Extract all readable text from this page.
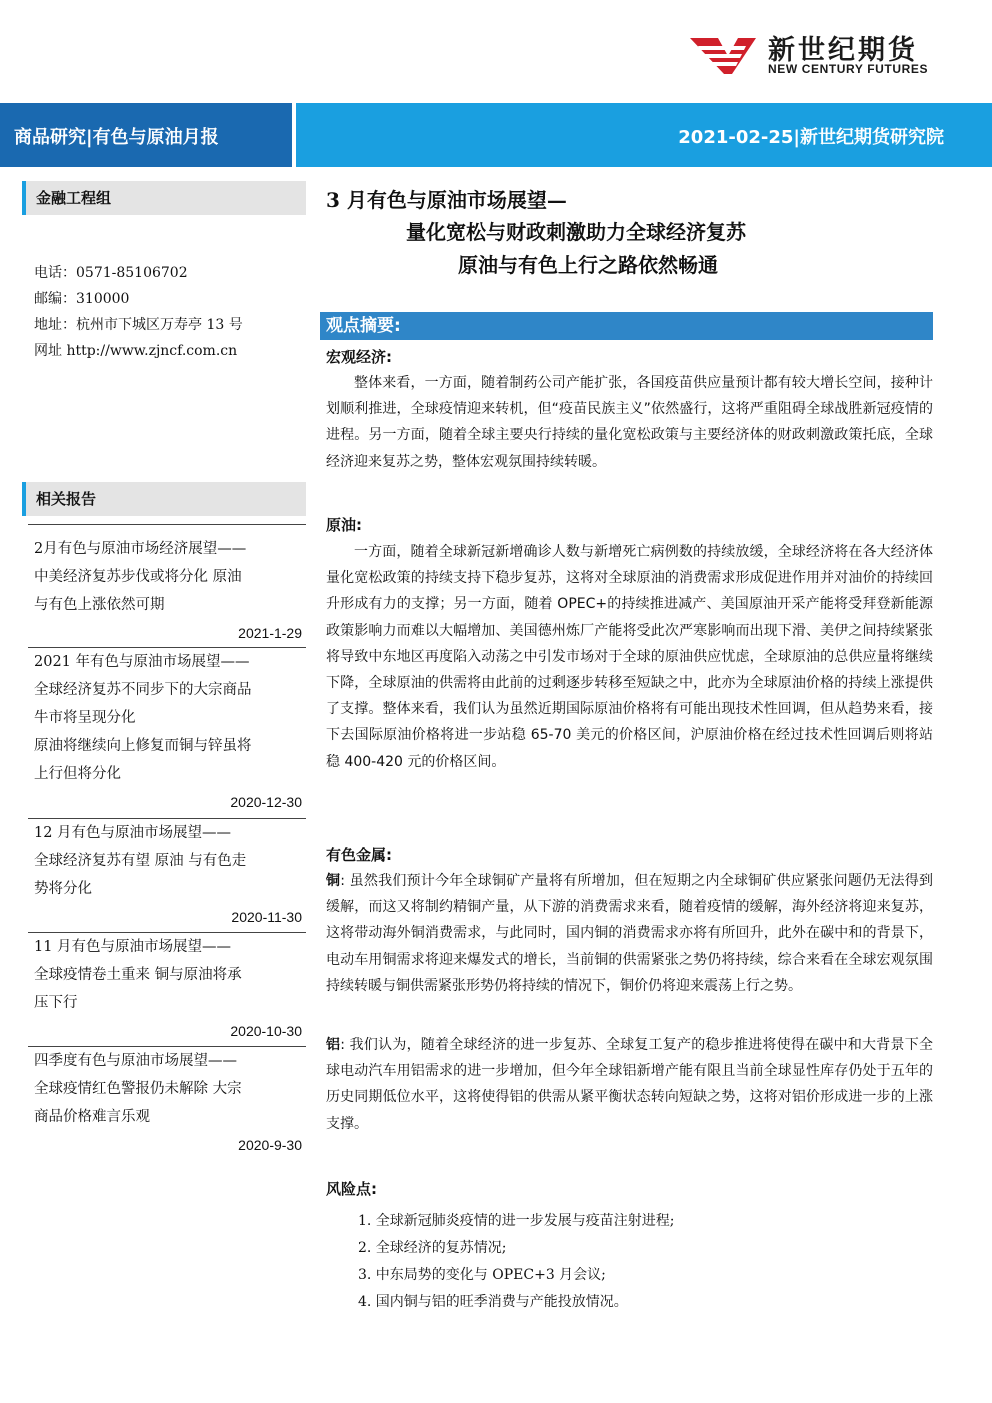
新世纪期货
NEW CENTURY FUTURES
商品研究|有色与原油月报	2021-02-25|新世纪期货研究院
金融工程组
电话：0571-85106702
邮编：310000
地址：杭州市下城区万寿亭 13 号
网址 http://www.zjncf.com.cn
相关报告
2月有色与原油市场经济展望——
中美经济复苏步伐或将分化 原油
与有色上涨依然可期
2021-1-29
2021 年有色与原油市场展望——
全球经济复苏不同步下的大宗商品
牛市将呈现分化
原油将继续向上修复而铜与锌虽将
上行但将分化
2020-12-30
12 月有色与原油市场展望——
全球经济复苏有望 原油 与有色走
势将分化
2020-11-30
11 月有色与原油市场展望——
全球疫情卷土重来 铜与原油将承
压下行
2020-10-30
四季度有色与原油市场展望——
全球疫情红色警报仍未解除 大宗
商品价格难言乐观
2020-9-30
3 月有色与原油市场展望—
量化宽松与财政刺激助力全球经济复苏
原油与有色上行之路依然畅通
观点摘要:
宏观经济:
整体来看，一方面，随着制药公司产能扩张，各国疫苗供应量预计都有较大增长空间，接种计划顺利推进，全球疫情迎来转机，但“疫苗民族主义”依然盛行，这将严重阻碍全球战胜新冠疫情的进程。另一方面，随着全球主要央行持续的量化宽松政策与主要经济体的财政刺激政策托底，全球经济迎来复苏之势，整体宏观氛围持续转暖。
原油:
一方面，随着全球新冠新增确诊人数与新增死亡病例数的持续放缓，全球经济将在各大经济体量化宽松政策的持续支持下稳步复苏，这将对全球原油的消费需求形成促进作用并对油价的持续回升形成有力的支撑；另一方面，随着 OPEC+的持续推进减产、美国原油开采产能将受拜登新能源政策影响力而难以大幅增加、美国德州炼厂产能将受此次严寒影响而出现下滑、美伊之间持续紧张将导致中东地区再度陷入动荡之中引发市场对于全球的原油供应忧虑，全球原油的总供应量将继续下降，全球原油的供需将由此前的过剩逐步转移至短缺之中，此亦为全球原油价格的持续上涨提供了支撑。整体来看，我们认为虽然近期国际原油价格将有可能出现技术性回调，但从趋势来看，接下去国际原油价格将进一步站稳 65-70 美元的价格区间，沪原油价格在经过技术性回调后则将站稳 400-420 元的价格区间。
有色金属:
铜: 虽然我们预计今年全球铜矿产量将有所增加，但在短期之内全球铜矿供应紧张问题仍无法得到缓解，而这又将制约精铜产量，从下游的消费需求来看，随着疫情的缓解，海外经济将迎来复苏，这将带动海外铜消费需求，与此同时，国内铜的消费需求亦将有所回升，此外在碳中和的背景下，电动车用铜需求将迎来爆发式的增长，当前铜的供需紧张之势仍将持续，综合来看在全球宏观氛围持续转暖与铜供需紧张形势仍将持续的情况下，铜价仍将迎来震荡上行之势。
铝: 我们认为，随着全球经济的进一步复苏、全球复工复产的稳步推进将使得在碳中和大背景下全球电动汽车用铝需求的进一步增加，但今年全球铝新增产能有限且当前全球显性库存仍处于五年的历史同期低位水平，这将使得铝的供需从紧平衡状态转向短缺之势，这将对铝价形成进一步的上涨支撑。
风险点:
1. 全球新冠肺炎疫情的进一步发展与疫苗注射进程;
2. 全球经济的复苏情况;
3. 中东局势的变化与 OPEC+3 月会议;
4. 国内铜与铝的旺季消费与产能投放情况。
